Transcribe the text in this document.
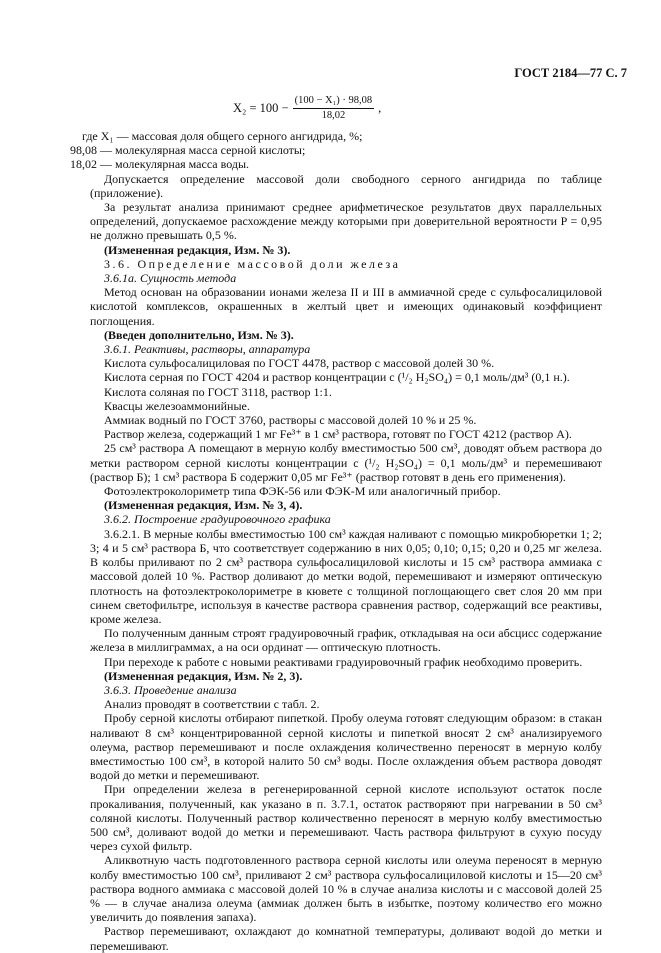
ГОСТ 2184—77 С. 7
$X_2 = 100 - \frac{\text{(100 − X₁) · 98,08}}{18,02}$ ,

где X₁ — массовая доля общего серного ангидрида, %;

98,08 — молекулярная масса серной кислоты;

18,02 — молекулярная масса воды.

Допускается определение массовой доли свободного серного ангидрида по таблице (приложение).

За результат анализа принимают среднее арифметическое результатов двух параллельных определений, допускаемое расхождение между которыми при доверительной вероятности P = 0,95 не должно превышать 0,5 %.

(Измененная редакция, Изм. № 3).

3.6. Определение массовой доли железа

3.6.1а. Сущность метода

Метод основан на образовании ионами железа II и III в аммиачной среде с сульфосалициловой кислотой комплексов, окрашенных в желтый цвет и имеющих одинаковый коэффициент поглощения.

(Введен дополнительно, Изм. № 3).

3.6.1. Реактивы, растворы, аппаратура

Кислота сульфосалициловая по ГОСТ 4478, раствор с массовой долей 30 %.

Кислота серная по ГОСТ 4204 и раствор концентрации c (¹/₂ H₂SO₄) = 0,1 моль/дм³ (0,1 н.).

Кислота соляная по ГОСТ 3118, раствор 1:1.

Квасцы железоаммонийные.

Аммиак водный по ГОСТ 3760, растворы с массовой долей 10 % и 25 %.

Раствор железа, содержащий 1 мг Fe³⁺ в 1 см³ раствора, готовят по ГОСТ 4212 (раствор А).

25 см³ раствора А помещают в мерную колбу вместимостью 500 см³, доводят объем раствора до метки раствором серной кислоты концентрации c (¹/₂ H₂SO₄) = 0,1 моль/дм³ и перемешивают (раствор Б); 1 см³ раствора Б содержит 0,05 мг Fe³⁺ (раствор готовят в день его применения).

Фотоэлектроколориметр типа ФЭК-56 или ФЭК-М или аналогичный прибор.

(Измененная редакция, Изм. № 3, 4).

3.6.2. Построение градуировочного графика

3.6.2.1. В мерные колбы вместимостью 100 см³ каждая наливают с помощью микробюретки 1; 2; 3; 4 и 5 см³ раствора Б, что соответствует содержанию в них 0,05; 0,10; 0,15; 0,20 и 0,25 мг железа. В колбы приливают по 2 см³ раствора сульфосалициловой кислоты и 15 см³ раствора аммиака с массовой долей 10 %. Раствор доливают до метки водой, перемешивают и измеряют оптическую плотность на фотоэлектроколориметре в кювете с толщиной поглощающего свет слоя 20 мм при синем светофильтре, используя в качестве раствора сравнения раствор, содержащий все реактивы, кроме железа.

По полученным данным строят градуировочный график, откладывая на оси абсцисс содержание железа в миллиграммах, а на оси ординат — оптическую плотность.

При переходе к работе с новыми реактивами градуировочный график необходимо проверить.

(Измененная редакция, Изм. № 2, 3).

3.6.3. Проведение анализа

Анализ проводят в соответствии с табл. 2.

Пробу серной кислоты отбирают пипеткой. Пробу олеума готовят следующим образом: в стакан наливают 8 см³ концентрированной серной кислоты и пипеткой вносят 2 см³ анализируемого олеума, раствор перемешивают и после охлаждения количественно переносят в мерную колбу вместимостью 100 см³, в которой налито 50 см³ воды. После охлаждения объем раствора доводят водой до метки и перемешивают.

При определении железа в регенерированной серной кислоте используют остаток после прокаливания, полученный, как указано в п. 3.7.1, остаток растворяют при нагревании в 50 см³ соляной кислоты. Полученный раствор количественно переносят в мерную колбу вместимостью 500 см³, доливают водой до метки и перемешивают. Часть раствора фильтруют в сухую посуду через сухой фильтр.

Аликвотную часть подготовленного раствора серной кислоты или олеума переносят в мерную колбу вместимостью 100 см³, приливают 2 см³ раствора сульфосалициловой кислоты и 15—20 см³ раствора водного аммиака с массовой долей 10 % в случае анализа кислоты и с массовой долей 25 % — в случае анализа олеума (аммиак должен быть в избытке, поэтому количество его можно увеличить до появления запаха).

Раствор перемешивают, охлаждают до комнатной температуры, доливают водой до метки и перемешивают.
